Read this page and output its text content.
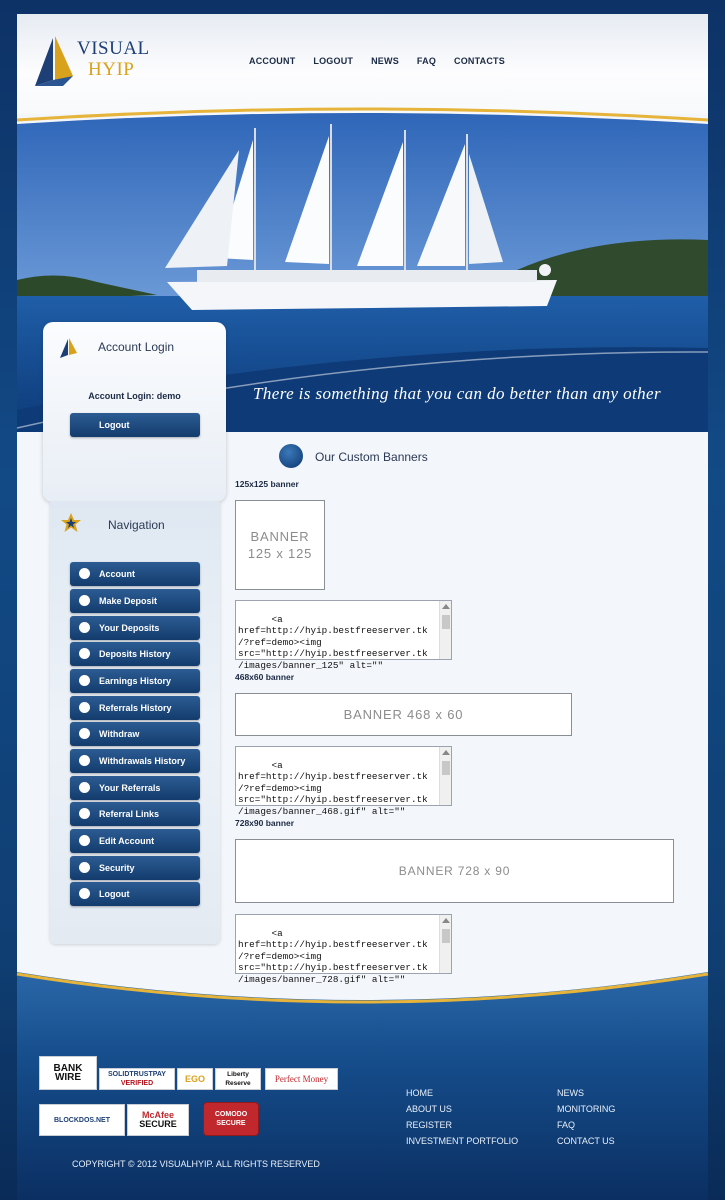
VISUAL
HYIP	ACCOUNT LOGOUT NEWS FAQ CONTACTS
There is something that you can do better than any other
Account Login
Account Login: demo
Logout
Navigation
Account
Make Deposit
Your Deposits
Deposits History
Earnings History
Referrals History
Withdraw
Withdrawals History
Your Referrals
Referral Links
Edit Account
Security
Logout
Our Custom Banners
125x125 banner
BANNER
125 x 125

<a
href=http://hyip.bestfreeserver.tk
/?ref=demo><img
src="http://hyip.bestfreeserver.tk
/images/banner_125" alt=""

468x60 banner
BANNER 468 x 60

<a
href=http://hyip.bestfreeserver.tk
/?ref=demo><img
src="http://hyip.bestfreeserver.tk
/images/banner_468.gif" alt=""

728x90 banner
BANNER 728 x 90

<a
href=http://hyip.bestfreeserver.tk
/?ref=demo><img
src="http://hyip.bestfreeserver.tk
/images/banner_728.gif" alt=""

BANK
WIRE	SOLIDTRUSTPAY
VERIFIED	EGO	Liberty Reserve	Perfect Money
BLOCKDOS.NET	McAfee
SECURE
COMODO
SECURE
HOME
ABOUT US
REGISTER
INVESTMENT PORTFOLIO
NEWS
MONITORING
FAQ
CONTACT US
COPYRIGHT © 2012 VISUALHYIP. ALL RIGHTS RESERVED
